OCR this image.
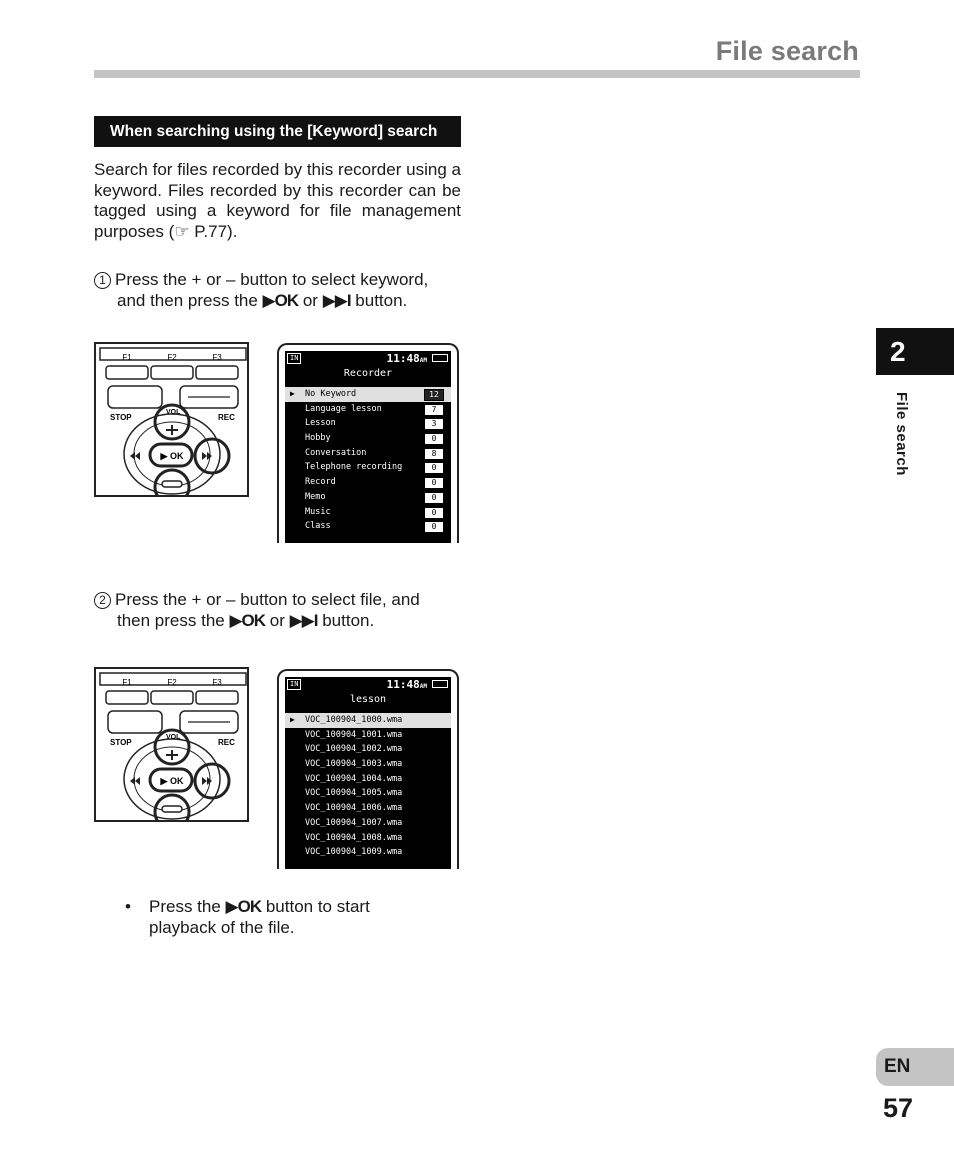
File search
When searching using the [Keyword] search
Search for files recorded by this recorder using a keyword. Files recorded by this recorder can be tagged using a keyword for file management purposes (☞ P.77).
1 Press the + or – button to select keyword,
and then press the ▶OK or ▶▶I button.
F1	F2	F3
STOP	REC
▶ OK
VOL
IN	11:48AM
Recorder
▶ No Keyword	12
Language lesson	7
Lesson	3
Hobby	0
Conversation	8
Telephone recording	0
Record	0
Memo	0
Music	0
Class	0
2 Press the + or – button to select file, and
then press the ▶OK or ▶▶I button.
F1	F2	F3
STOP	REC
▶ OK
VOL
IN	11:48AM
lesson
▶ VOC_100904_1000.wma
VOC_100904_1001.wma
VOC_100904_1002.wma
VOC_100904_1003.wma
VOC_100904_1004.wma
VOC_100904_1005.wma
VOC_100904_1006.wma
VOC_100904_1007.wma
VOC_100904_1008.wma
VOC_100904_1009.wma
•	Press the ▶OK button to start playback of the file.
2
File search
EN
57
